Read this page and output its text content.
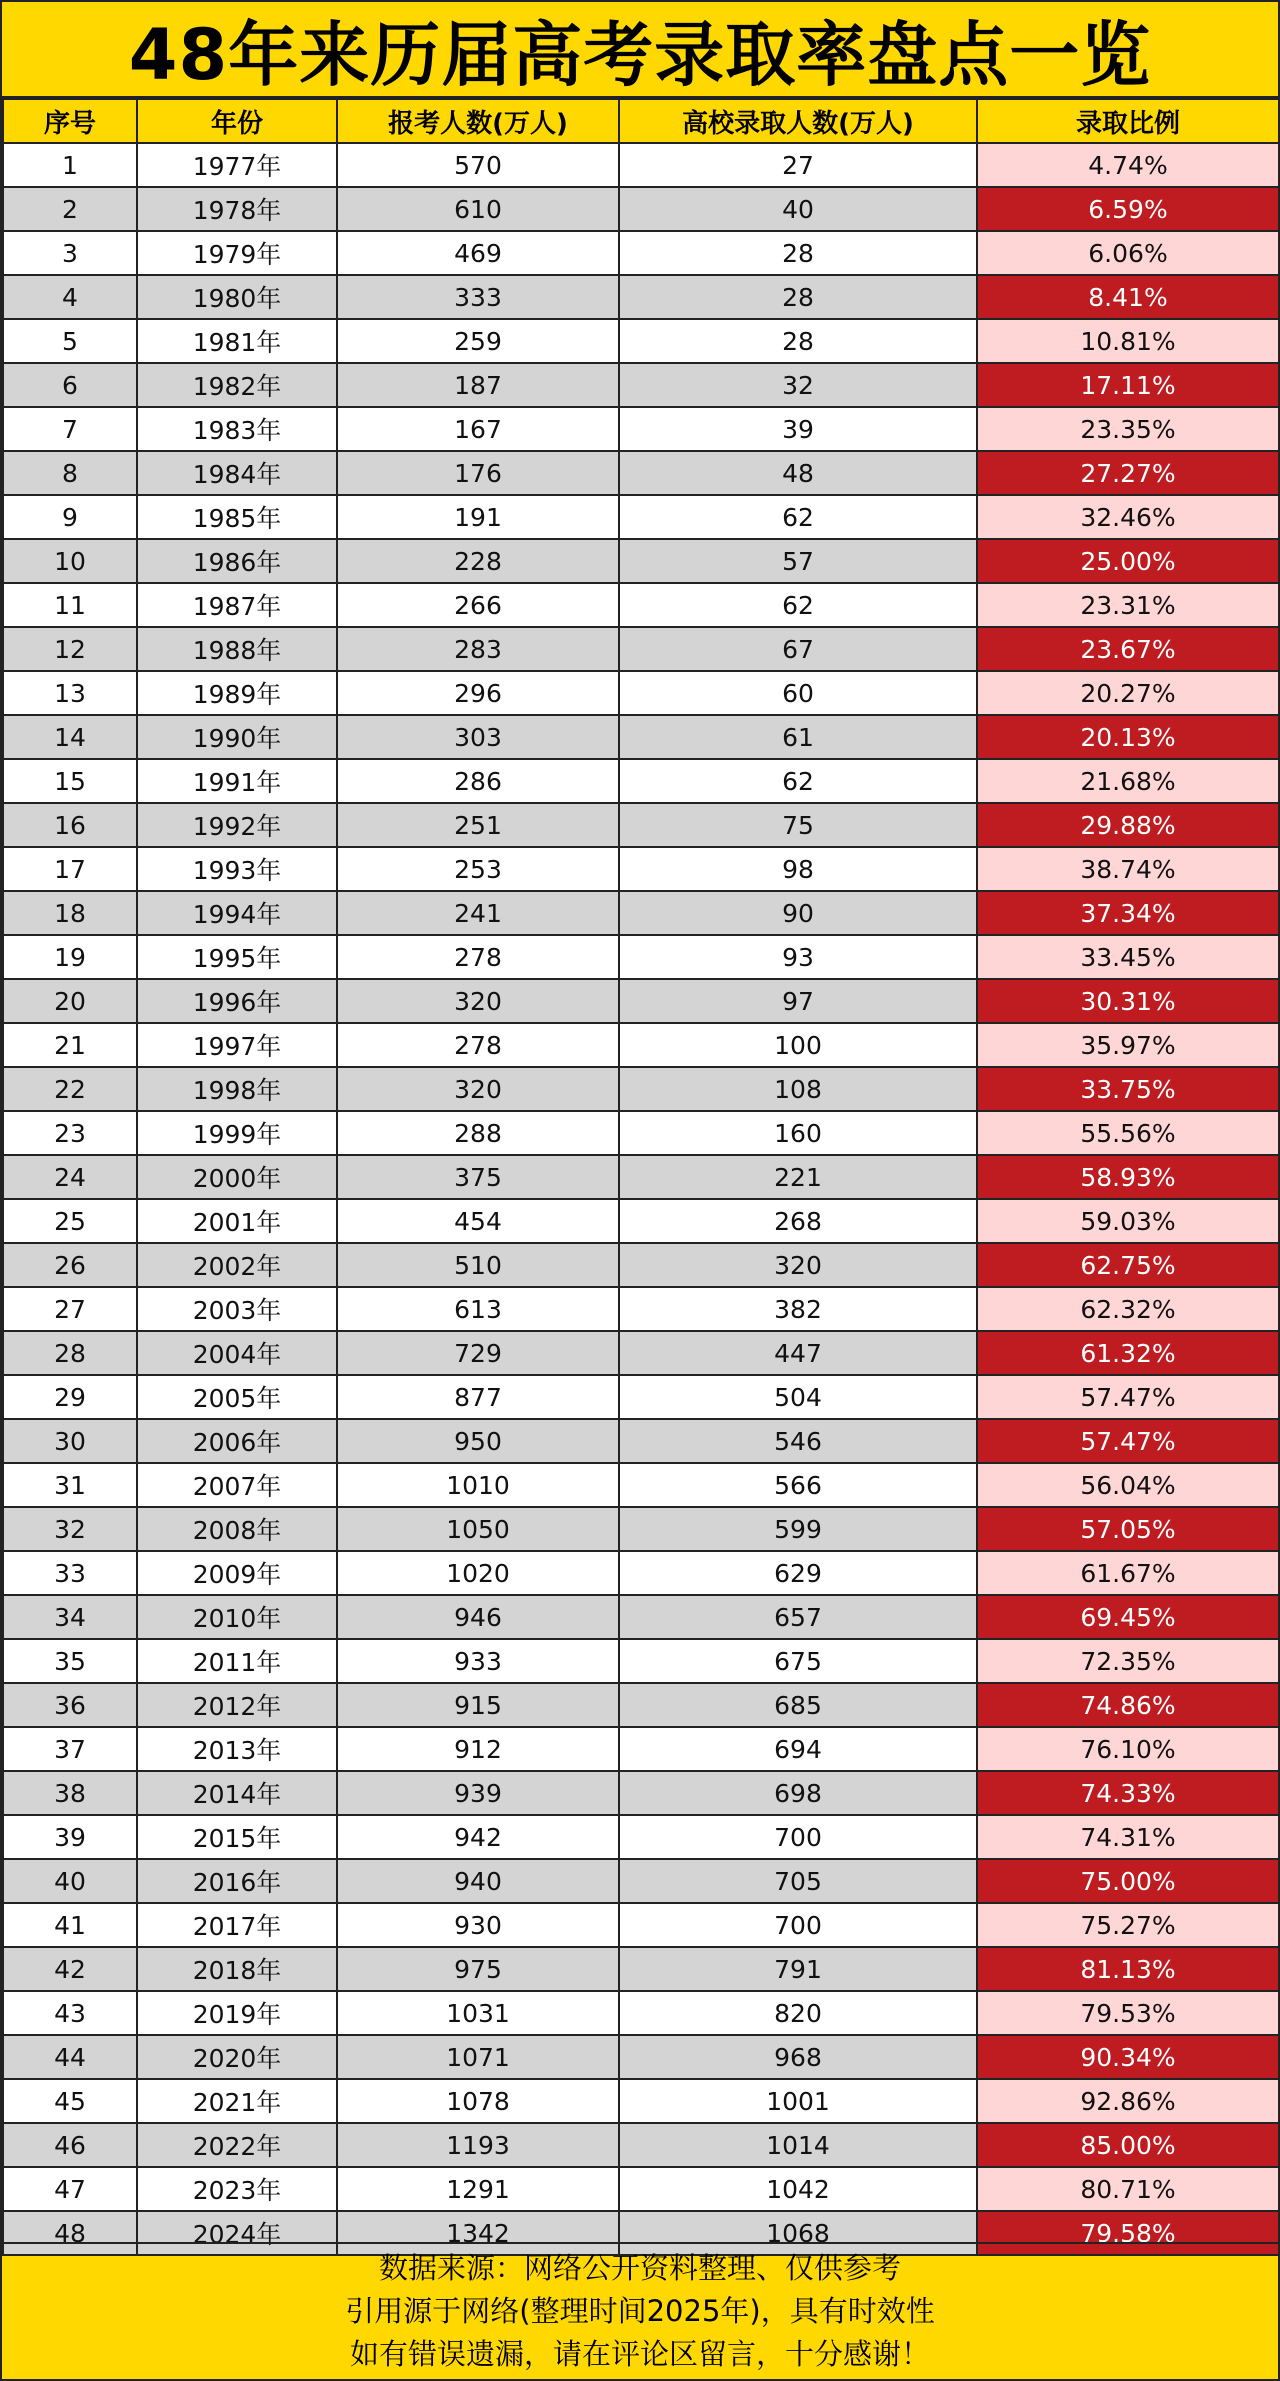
48年来历届高考录取率盘点一览
序号	年份	报考人数(万人)	高校录取人数(万人)	录取比例
1	1977年	570	27	4.74%
2	1978年	610	40	6.59%
3	1979年	469	28	6.06%
4	1980年	333	28	8.41%
5	1981年	259	28	10.81%
6	1982年	187	32	17.11%
7	1983年	167	39	23.35%
8	1984年	176	48	27.27%
9	1985年	191	62	32.46%
10	1986年	228	57	25.00%
11	1987年	266	62	23.31%
12	1988年	283	67	23.67%
13	1989年	296	60	20.27%
14	1990年	303	61	20.13%
15	1991年	286	62	21.68%
16	1992年	251	75	29.88%
17	1993年	253	98	38.74%
18	1994年	241	90	37.34%
19	1995年	278	93	33.45%
20	1996年	320	97	30.31%
21	1997年	278	100	35.97%
22	1998年	320	108	33.75%
23	1999年	288	160	55.56%
24	2000年	375	221	58.93%
25	2001年	454	268	59.03%
26	2002年	510	320	62.75%
27	2003年	613	382	62.32%
28	2004年	729	447	61.32%
29	2005年	877	504	57.47%
30	2006年	950	546	57.47%
31	2007年	1010	566	56.04%
32	2008年	1050	599	57.05%
33	2009年	1020	629	61.67%
34	2010年	946	657	69.45%
35	2011年	933	675	72.35%
36	2012年	915	685	74.86%
37	2013年	912	694	76.10%
38	2014年	939	698	74.33%
39	2015年	942	700	74.31%
40	2016年	940	705	75.00%
41	2017年	930	700	75.27%
42	2018年	975	791	81.13%
43	2019年	1031	820	79.53%
44	2020年	1071	968	90.34%
45	2021年	1078	1001	92.86%
46	2022年	1193	1014	85.00%
47	2023年	1291	1042	80.71%
48	2024年	1342	1068	79.58%
数据来源：网络公开资料整理、仅供参考
引用源于网络(整理时间2025年)，具有时效性
如有错误遗漏，请在评论区留言，十分感谢！
